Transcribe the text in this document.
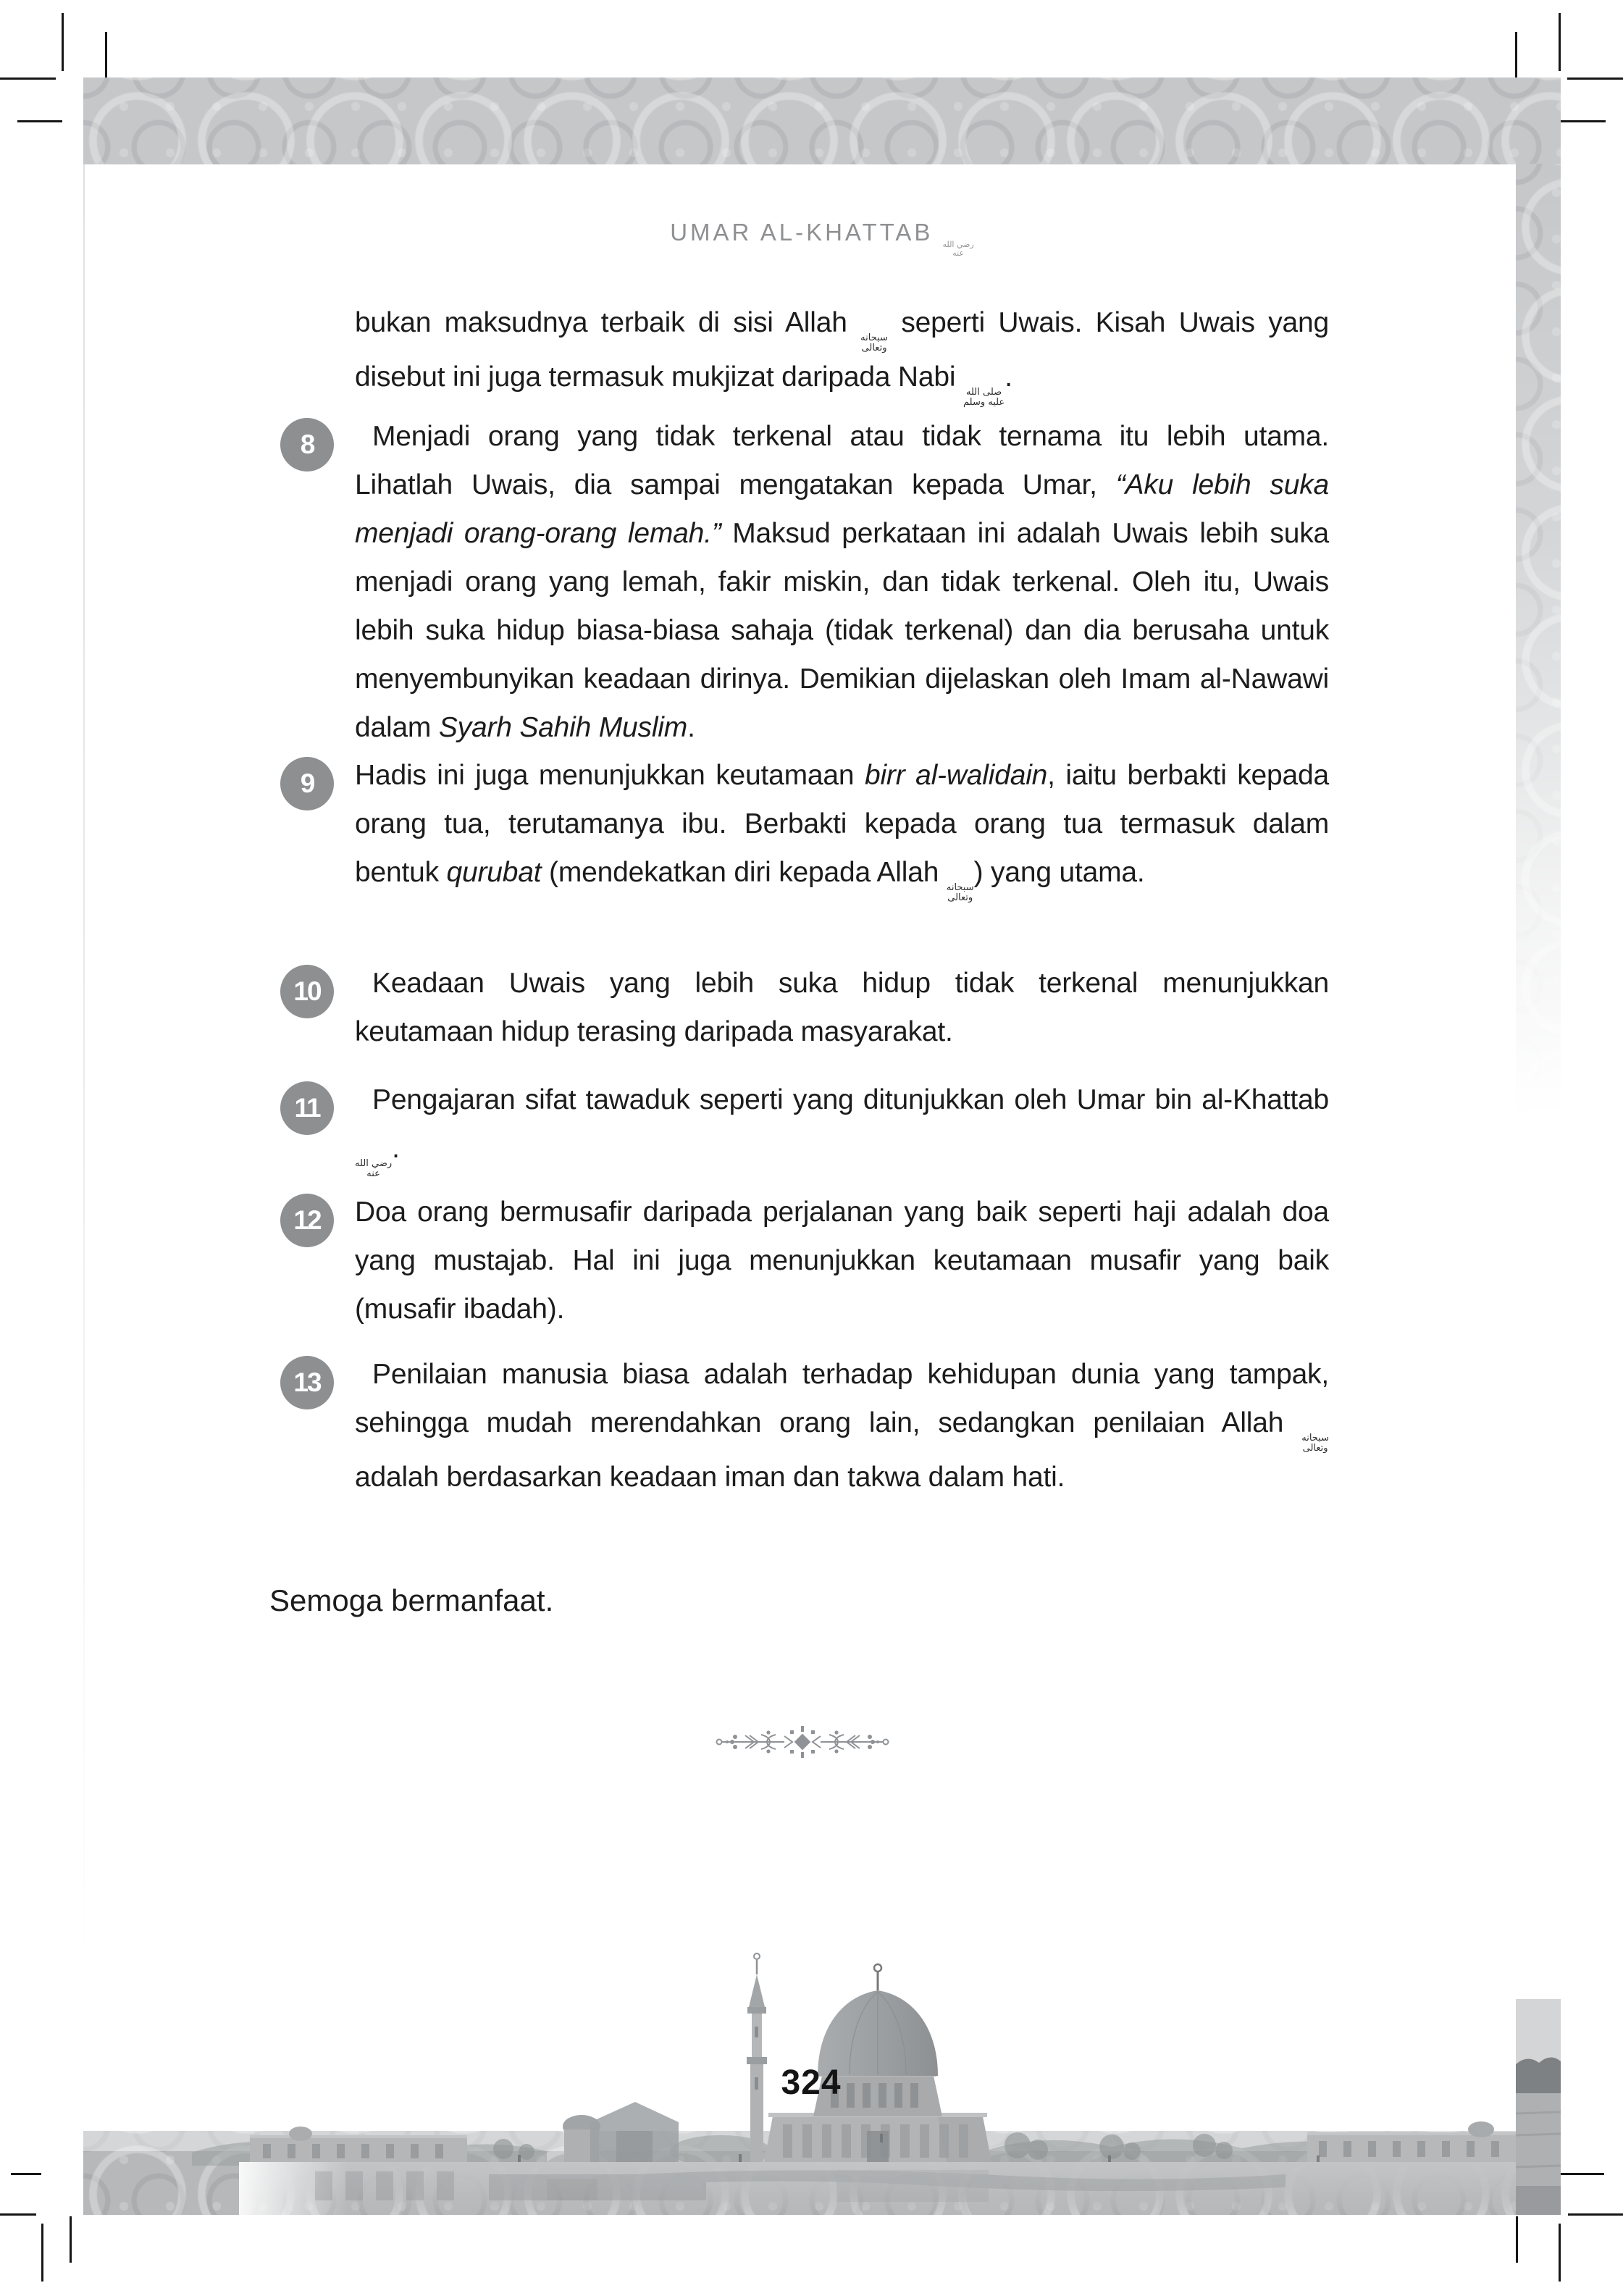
UMAR AL-KHATTAB رضي الله
عنه
bukan maksudnya terbaik di sisi Allah سبحانه
وتعالى
seperti Uwais. Kisah Uwais yang disebut ini juga termasuk mukjizat daripada Nabi صلى الله
عليه وسلم
.
8	Menjadi orang yang tidak terkenal atau tidak ternama itu lebih utama. Lihatlah Uwais, dia sampai mengatakan kepada Umar, “Aku lebih suka menjadi orang-orang lemah.” Maksud perkataan ini adalah Uwais lebih suka menjadi orang yang lemah, fakir miskin, dan tidak terkenal. Oleh itu, Uwais lebih suka hidup biasa-biasa sahaja (tidak terkenal) dan dia berusaha untuk menyembunyikan keadaan dirinya. Demikian dijelaskan oleh Imam al-Nawawi dalam Syarh Sahih Muslim.
9 Hadis ini juga menunjukkan keutamaan birr al-walidain, iaitu berbakti kepada orang tua, terutamanya ibu. Berbakti kepada orang tua termasuk dalam bentuk qurubat (mendekatkan diri kepada Allah سبحانه
وتعالى
) yang utama.
10	Keadaan Uwais yang lebih suka hidup tidak terkenal menunjukkan keutamaan hidup terasing daripada masyarakat.
11	Pengajaran sifat tawaduk seperti yang ditunjukkan oleh Umar bin al-Khattab
رضي الله
عنه
.
12 Doa orang bermusafir daripada perjalanan yang baik seperti haji adalah doa yang mustajab. Hal ini juga menunjukkan keutamaan musafir yang baik (musafir ibadah).
13	Penilaian manusia biasa adalah terhadap kehidupan dunia yang tampak, sehingga mudah merendahkan orang lain, sedangkan penilaian Allah سبحانه
وتعالى
adalah berdasarkan keadaan iman dan takwa dalam hati.
Semoga bermanfaat.
324
